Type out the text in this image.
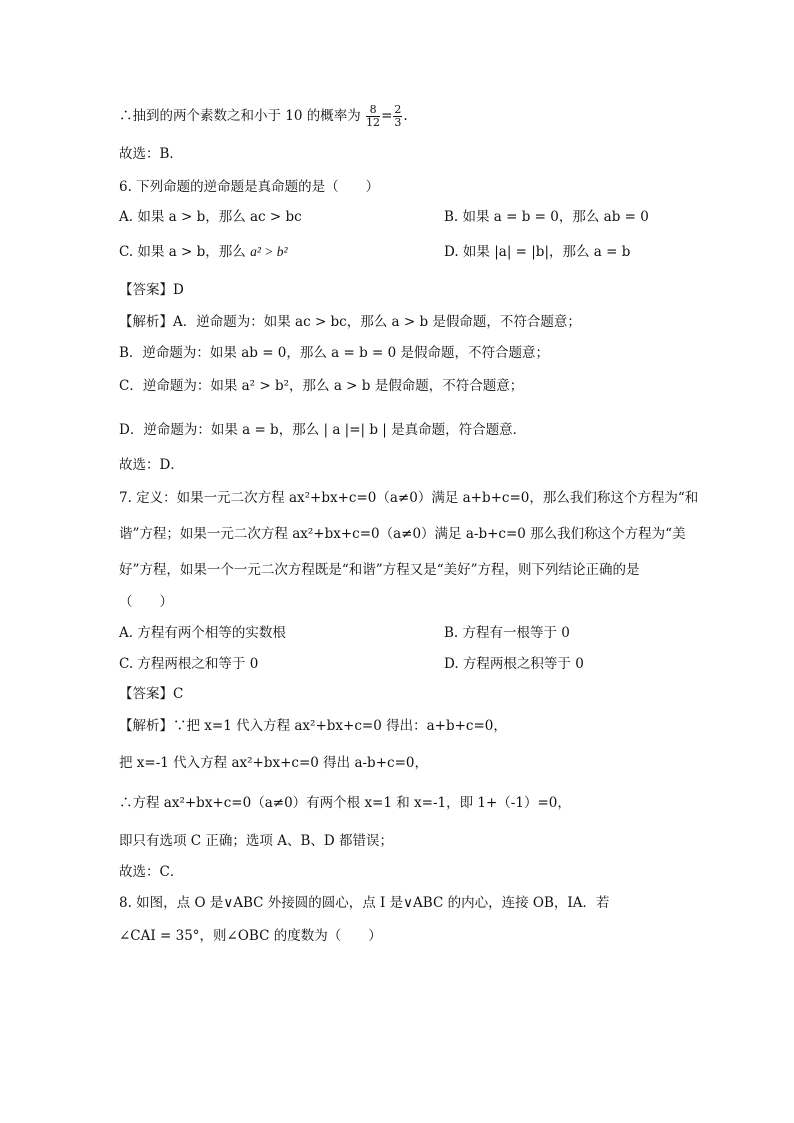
∴抽到的两个素数之和小于 10 的概率为 $\frac{8}{12} = \frac{2}{3}$ .
故选：B．
6. 下列命题的逆命题是真命题的是（　　）
A. 如果 a > b，那么 ac > bc	B. 如果 a = b = 0，那么 ab = 0
C. 如果 a > b，那么 a² > b²	D. 如果 |a| = |b|，那么 a = b
【答案】D
【解析】A．逆命题为：如果 ac > bc，那么 a > b 是假命题，不符合题意；
B．逆命题为：如果 ab = 0，那么 a = b = 0 是假命题，不符合题意；
C．逆命题为：如果 a² > b²，那么 a > b 是假命题，不符合题意；
D．逆命题为：如果 a = b，那么 | a |=| b | 是真命题，符合题意．
故选：D．
7. 定义：如果一元二次方程 ax²+bx+c=0（a≠0）满足 a+b+c=0，那么我们称这个方程为“和
谐”方程；如果一元二次方程 ax²+bx+c=0（a≠0）满足 a-b+c=0 那么我们称这个方程为“美
好”方程，如果一个一元二次方程既是“和谐”方程又是“美好”方程，则下列结论正确的是
（　　）
A. 方程有两个相等的实数根	B. 方程有一根等于 0
C. 方程两根之和等于 0	D. 方程两根之积等于 0
【答案】C
【解析】∵把 x=1 代入方程 ax²+bx+c=0 得出：a+b+c=0，
把 x=-1 代入方程 ax²+bx+c=0 得出 a-b+c=0，
∴方程 ax²+bx+c=0（a≠0）有两个根 x=1 和 x=-1，即 1+（-1）=0，
即只有选项 C 正确；选项 A、B、D 都错误；
故选：C．
8. 如图，点 O 是∨ABC 外接圆的圆心，点 I 是∨ABC 的内心，连接 OB，IA．若
∠CAI = 35°，则∠OBC 的度数为（　　）
